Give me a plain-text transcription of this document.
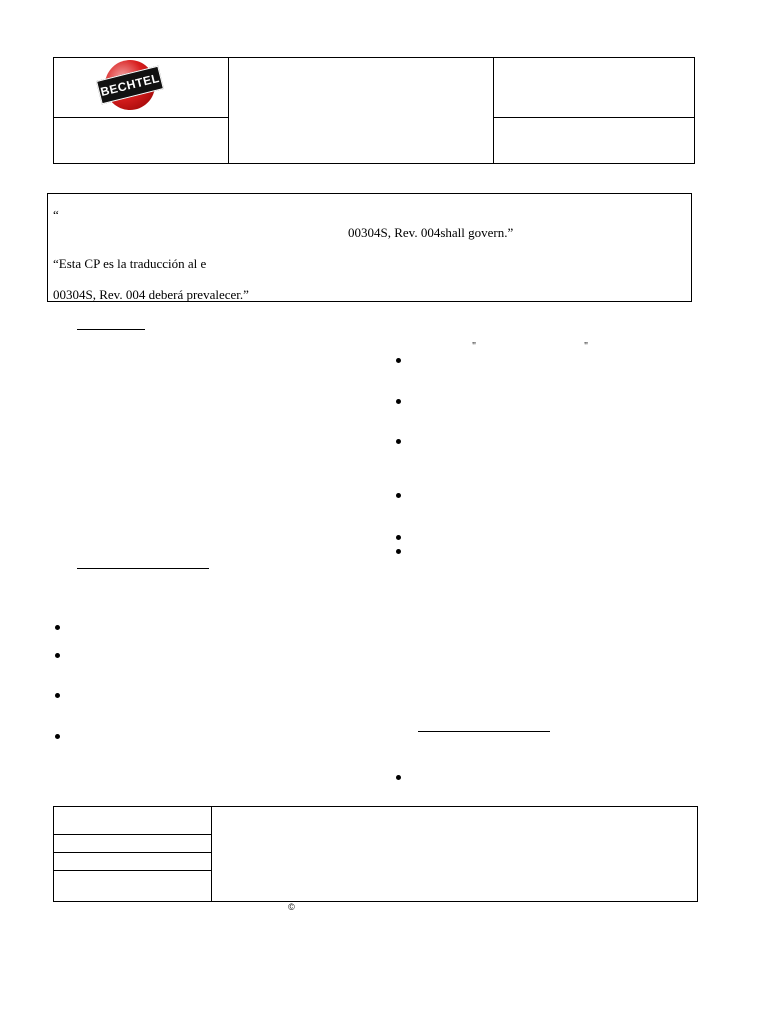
BECHTEL
“
00304S, Rev. 004shall govern.”
“Esta CP es la traducción al e
00304S, Rev. 004 deberá prevalecer.”
"	"
©
